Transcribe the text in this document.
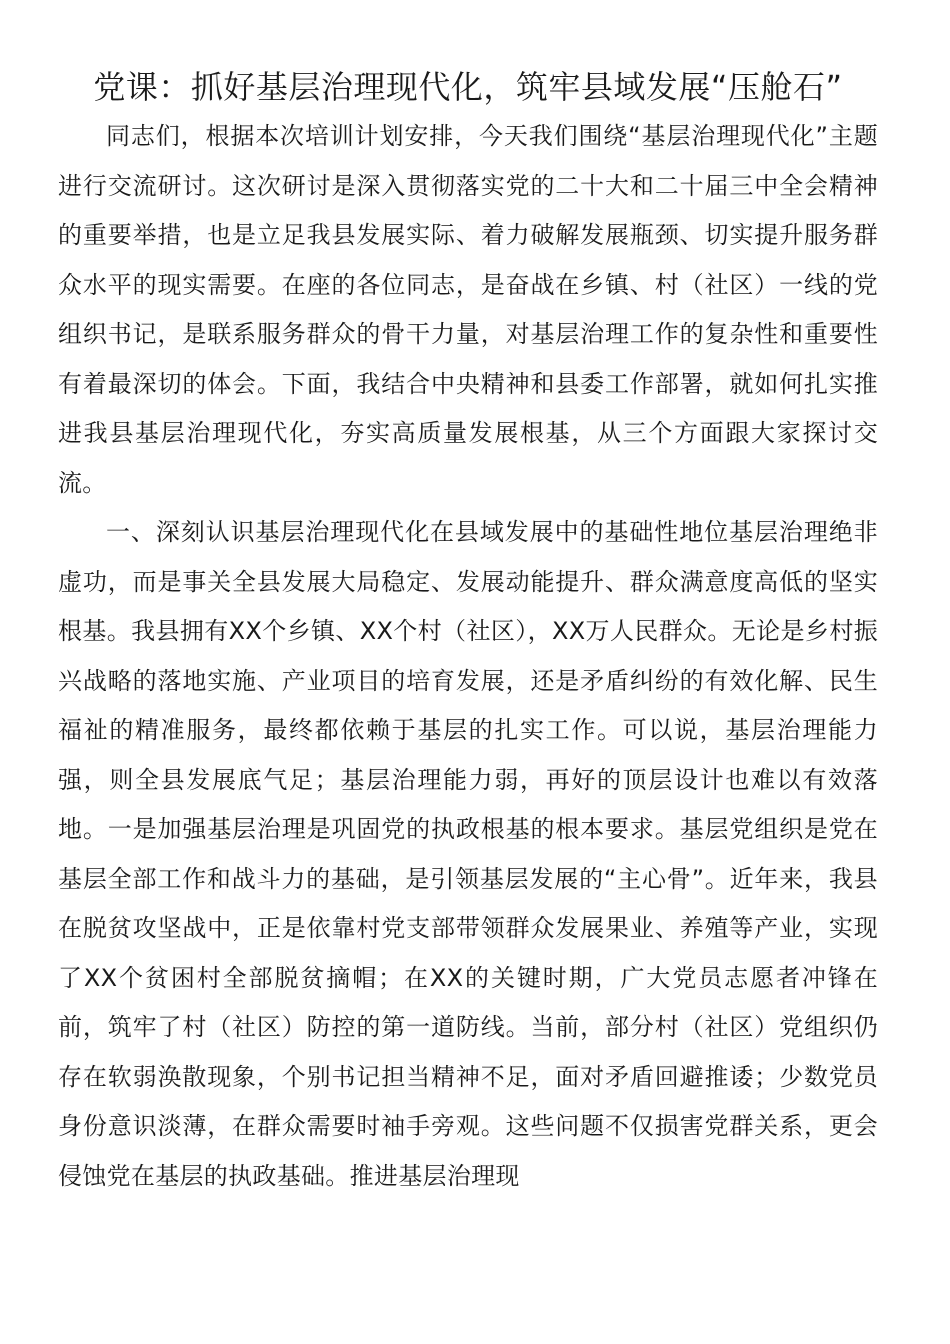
党课：抓好基层治理现代化，筑牢县域发展“压舱石”

同志们，根据本次培训计划安排，今天我们围绕“基层治理现代化”主题进行交流研讨。这次研讨是深入贯彻落实党的二十大和二十届三中全会精神的重要举措，也是立足我县发展实际、着力破解发展瓶颈、切实提升服务群众水平的现实需要。在座的各位同志，是奋战在乡镇、村（社区）一线的党组织书记，是联系服务群众的骨干力量，对基层治理工作的复杂性和重要性有着最深切的体会。下面，我结合中央精神和县委工作部署，就如何扎实推进我县基层治理现代化，夯实高质量发展根基，从三个方面跟大家探讨交流。

一、深刻认识基层治理现代化在县域发展中的基础性地位基层治理绝非虚功，而是事关全县发展大局稳定、发展动能提升、群众满意度高低的坚实根基。我县拥有XX个乡镇、XX个村（社区），XX万人民群众。无论是乡村振兴战略的落地实施、产业项目的培育发展，还是矛盾纠纷的有效化解、民生福祉的精准服务，最终都依赖于基层的扎实工作。可以说，基层治理能力强，则全县发展底气足；基层治理能力弱，再好的顶层设计也难以有效落地。一是加强基层治理是巩固党的执政根基的根本要求。基层党组织是党在基层全部工作和战斗力的基础，是引领基层发展的“主心骨”。近年来，我县在脱贫攻坚战中，正是依靠村党支部带领群众发展果业、养殖等产业，实现了XX个贫困村全部脱贫摘帽；在XX的关键时期，广大党员志愿者冲锋在前，筑牢了村（社区）防控的第一道防线。当前，部分村（社区）党组织仍存在软弱涣散现象，个别书记担当精神不足，面对矛盾回避推诿；少数党员身份意识淡薄，在群众需要时袖手旁观。这些问题不仅损害党群关系，更会侵蚀党在基层的执政基础。推进基层治理现
